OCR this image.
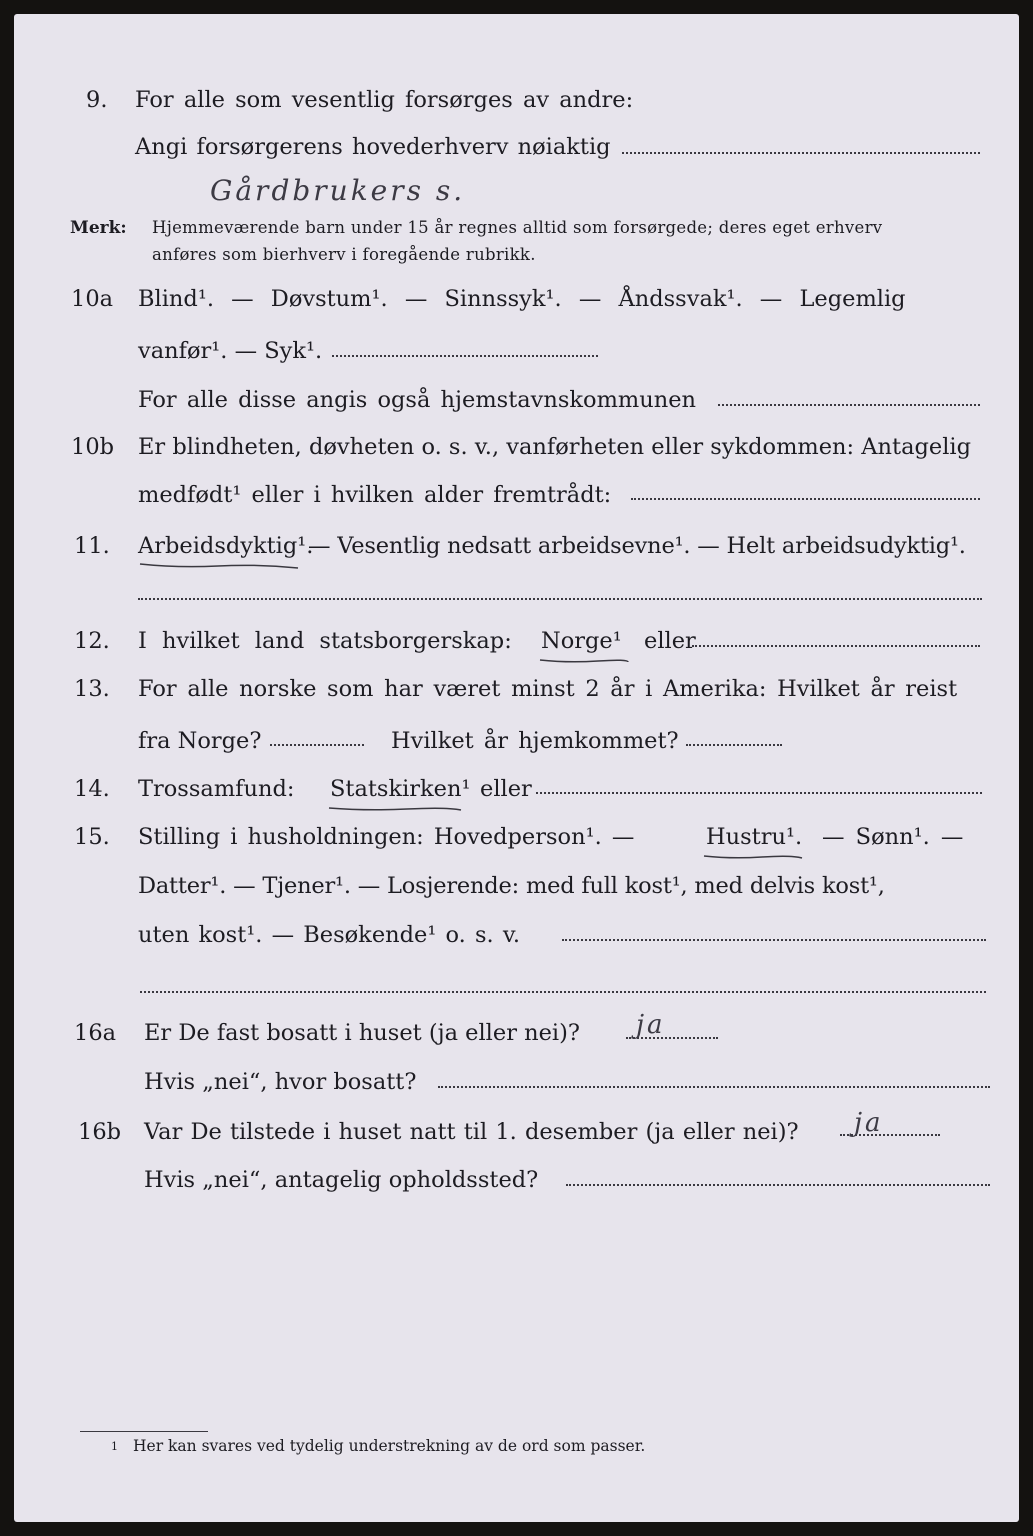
9. For alle som vesentlig forsørges av andre:
Angi forsørgerens hovederhverv nøiaktig
Gårdbrukers s.
Merk: Hjemmeværende barn under 15 år regnes alltid som forsørgede; deres eget erhverv
anføres som bierhverv i foregående rubrikk.
10a Blind¹. — Døvstum¹. — Sinnssyk¹. — Åndssvak¹. — Legemlig
vanfør¹. — Syk¹.
For alle disse angis også hjemstavnskommunen
10b Er blindheten, døvheten o. s. v., vanførheten eller sykdommen: Antagelig
medfødt¹ eller i hvilken alder fremtrådt:
11. Arbeidsdyktig¹.
— Vesentlig nedsatt arbeidsevne¹. — Helt arbeidsudyktig¹.
12. I hvilket land statsborgerskap: Norge¹ eller
13. For alle norske som har været minst 2 år i Amerika: Hvilket år reist
fra Norge?	Hvilket år hjemkommet?
14. Trossamfund: Statskirken¹ eller
15. Stilling i husholdningen: Hovedperson¹. —	Hustru¹. — Sønn¹. —
Datter¹. — Tjener¹. — Losjerende: med full kost¹, med delvis kost¹,
uten kost¹. — Besøkende¹ o. s. v.
16a Er De fast bosatt i huset (ja eller nei)? ja
Hvis „nei“, hvor bosatt?
16b Var De tilstede i huset natt til 1. desember (ja eller nei)? ja
Hvis „nei“, antagelig opholdssted?
1 Her kan svares ved tydelig understrekning av de ord som passer.
